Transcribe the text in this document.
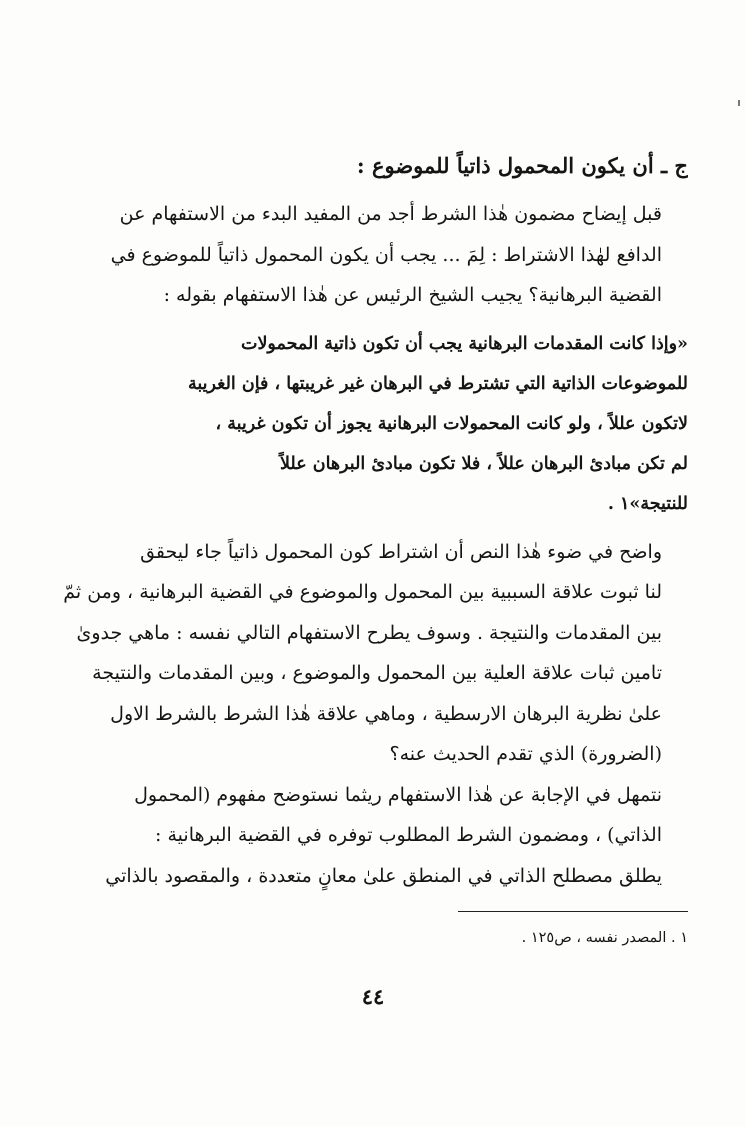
ج ـ أن يكون المحمول ذاتياً للموضوع :
قبل إيضاح مضمون هٰذا الشرط أجد من المفيد البدء من الاستفهام عن
الدافع لهٰذا الاشتراط : لِمَ ... يجب أن يكون المحمول ذاتياً للموضوع في
القضية البرهانية؟ يجيب الشيخ الرئيس عن هٰذا الاستفهام بقوله :
«وإذا كانت المقدمات البرهانية يجب أن تكون ذاتية المحمولات
للموضوعات الذاتية التي تشترط في البرهان غير غريبتها ، فإن الغريبة
لاتكون عللاً ، ولو كانت المحمولات البرهانية يجوز أن تكون غريبة ،
لم تكن مبادئ البرهان عللاً ، فلا تكون مبادئ البرهان عللاً
للنتيجة»١ .
واضح في ضوء هٰذا النص أن اشتراط كون المحمول ذاتياً جاء ليحقق
لنا ثبوت علاقة السببية بين المحمول والموضوع في القضية البرهانية ، ومن ثمّ
بين المقدمات والنتيجة . وسوف يطرح الاستفهام التالي نفسه : ماهي جدوىٰ
تامين ثبات علاقة العلية بين المحمول والموضوع ، وبين المقدمات والنتيجة
علىٰ نظرية البرهان الارسطية ، وماهي علاقة هٰذا الشرط بالشرط الاول
(الضرورة) الذي تقدم الحديث عنه؟
نتمهل في الإجابة عن هٰذا الاستفهام ريثما نستوضح مفهوم (المحمول
الذاتي) ، ومضمون الشرط المطلوب توفره في القضية البرهانية :
يطلق مصطلح الذاتي في المنطق علىٰ معانٍ متعددة ، والمقصود بالذاتي
١ . المصدر نفسه ، ص١٢٥ .
٤٤
